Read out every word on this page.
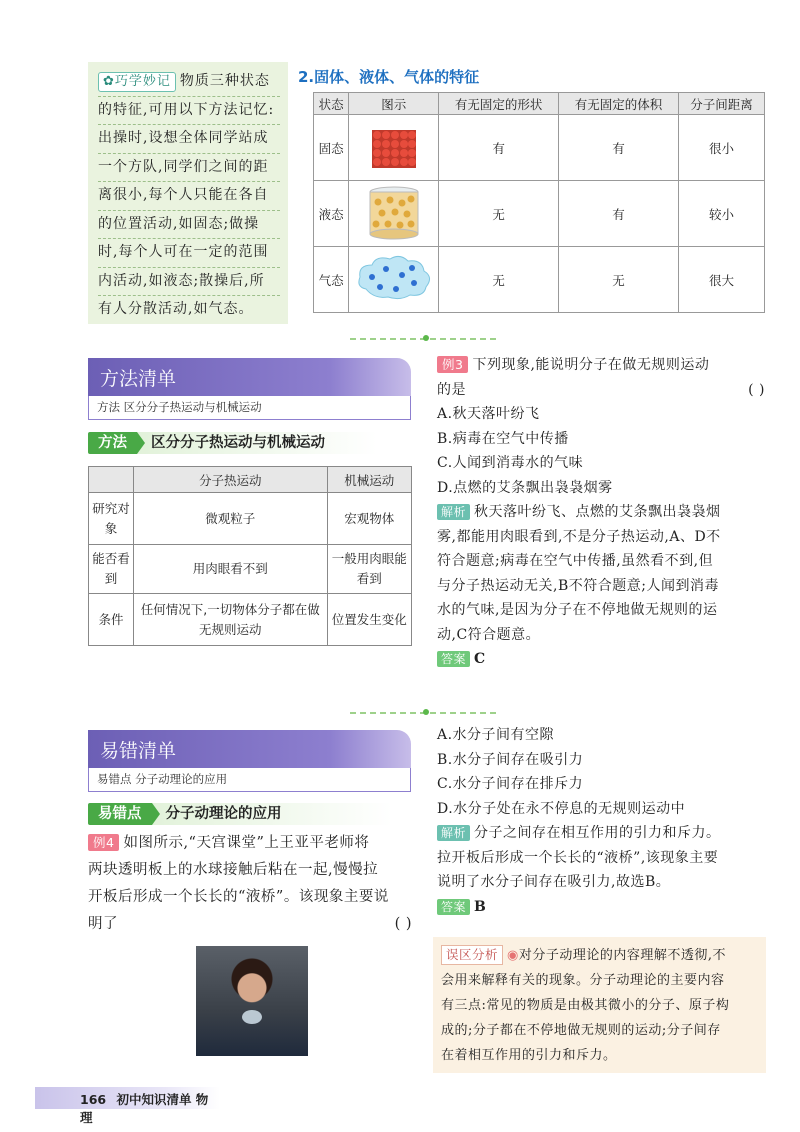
✿巧学妙记 物质三种状态
的特征,可用以下方法记忆:
出操时,设想全体同学站成
一个方队,同学们之间的距
离很小,每个人只能在各自
的位置活动,如固态;做操
时,每个人可在一定的范围
内活动,如液态;散操后,所
有人分散活动,如气态。
2.固体、液体、气体的特征
状态	图示	有无固定的形状	有无固定的体积	分子间距离
固态		有	有	很小
液态		无	有	较小
气态		无	无	很大
方法清单
方法 区分分子热运动与机械运动
方法	区分分子热运动与机械运动
	分子热运动	机械运动
研究对象	微观粒子	宏观物体
能否看到	用肉眼看不到	一般用肉眼能看到
条件	任何情况下,一切物体分子都在做无规则运动	位置发生变化
例3 下列现象,能说明分子在做无规则运动
的是	( )
A.秋天落叶纷飞
B.病毒在空气中传播
C.人闻到消毒水的气味
D.点燃的艾条飘出袅袅烟雾
解析 秋天落叶纷飞、点燃的艾条飘出袅袅烟
雾,都能用肉眼看到,不是分子热运动,A、D不
符合题意;病毒在空气中传播,虽然看不到,但
与分子热运动无关,B不符合题意;人闻到消毒
水的气味,是因为分子在不停地做无规则的运
动,C符合题意。
答案 C
易错清单
易错点 分子动理论的应用
易错点	分子动理论的应用
例4 如图所示,“天宫课堂”上王亚平老师将
两块透明板上的水球接触后粘在一起,慢慢拉
开板后形成一个长长的“液桥”。该现象主要说
明了	( )
A.水分子间有空隙
B.水分子间存在吸引力
C.水分子间存在排斥力
D.水分子处在永不停息的无规则运动中
解析 分子之间存在相互作用的引力和斥力。
拉开板后形成一个长长的“液桥”,该现象主要
说明了水分子间存在吸引力,故选B。
答案 B
误区分析 ◉对分子动理论的内容理解不透彻,不
会用来解释有关的现象。分子动理论的主要内容
有三点:常见的物质是由极其微小的分子、原子构
成的;分子都在不停地做无规则的运动;分子间存
在着相互作用的引力和斥力。
166 初中知识清单 物理
